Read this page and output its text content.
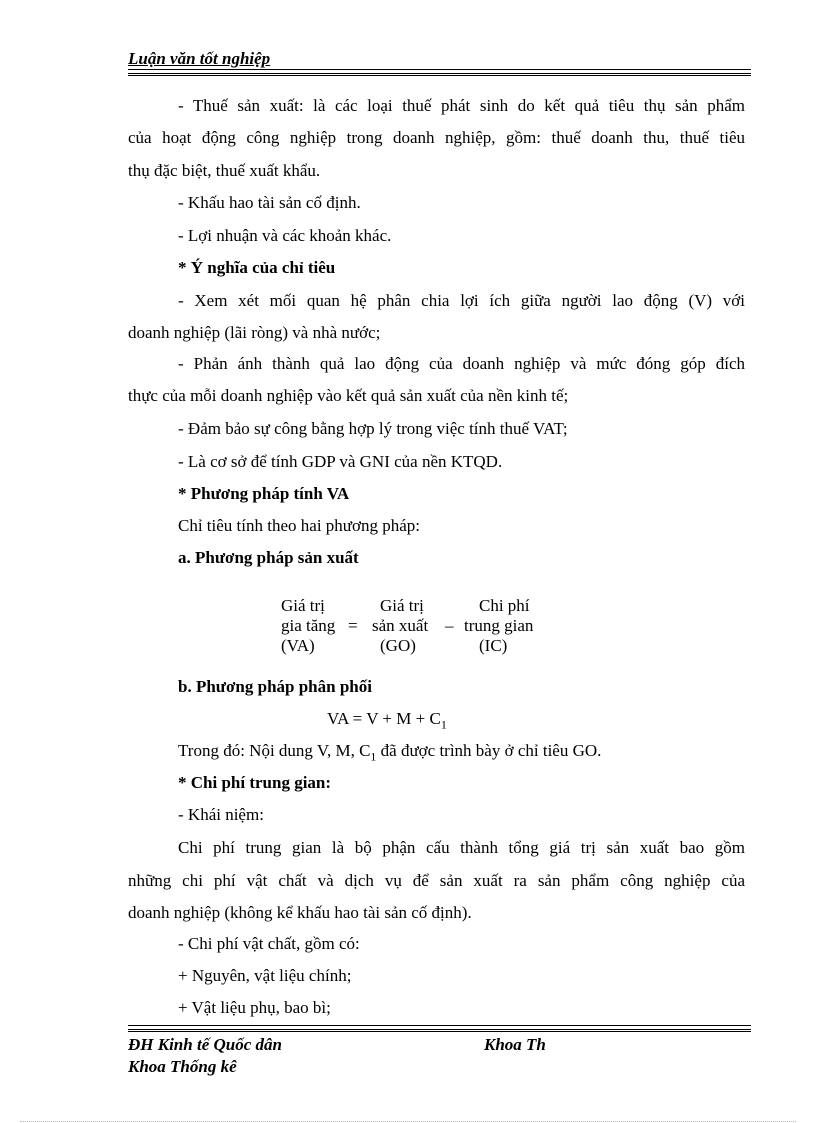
Luận văn tốt nghiệp
- Thuế sản xuất: là các loại thuế phát sinh do kết quả tiêu thụ sản phẩm
của hoạt động công nghiệp trong doanh nghiệp, gồm: thuế doanh thu, thuế tiêu
thụ đặc biệt, thuế xuất khẩu.
- Khấu hao tài sản cố định.
- Lợi nhuận và các khoản khác.
* Ý nghĩa của chỉ tiêu
- Xem xét mối quan hệ phân chia lợi ích giữa người lao động (V) với
doanh nghiệp (lãi ròng) và nhà nước;
- Phản ánh thành quả lao động của doanh nghiệp và mức đóng góp đích
thực của mỗi doanh nghiệp vào kết quả sản xuất của nền kinh tế;
- Đảm bảo sự công bằng hợp lý trong việc tính thuế VAT;
- Là cơ sở để tính GDP và GNI của nền KTQD.
* Phương pháp tính VA
Chỉ tiêu tính theo hai phương pháp:
a. Phương pháp sản xuất
Giá trị
gia tăng
(VA)
=
Giá trị
sản xuất
(GO)
–
Chi phí
trung gian
(IC)
b. Phương pháp phân phối
VA = $V + M + C_1$
Trong đó: Nội dung V, M, $C_1$ đã được trình bày ở chỉ tiêu GO.
* Chi phí trung gian:
- Khái niệm:
Chi phí trung gian là bộ phận cấu thành tổng giá trị sản xuất bao gồm
những chi phí vật chất và dịch vụ để sản xuất ra sản phẩm công nghiệp của
doanh nghiệp (không kể khấu hao tài sản cố định).
- Chi phí vật chất, gồm có:
+ Nguyên, vật liệu chính;
+ Vật liệu phụ, bao bì;
ĐH Kinh tế Quốc dân
Khoa Thống kê
Khoa Th
